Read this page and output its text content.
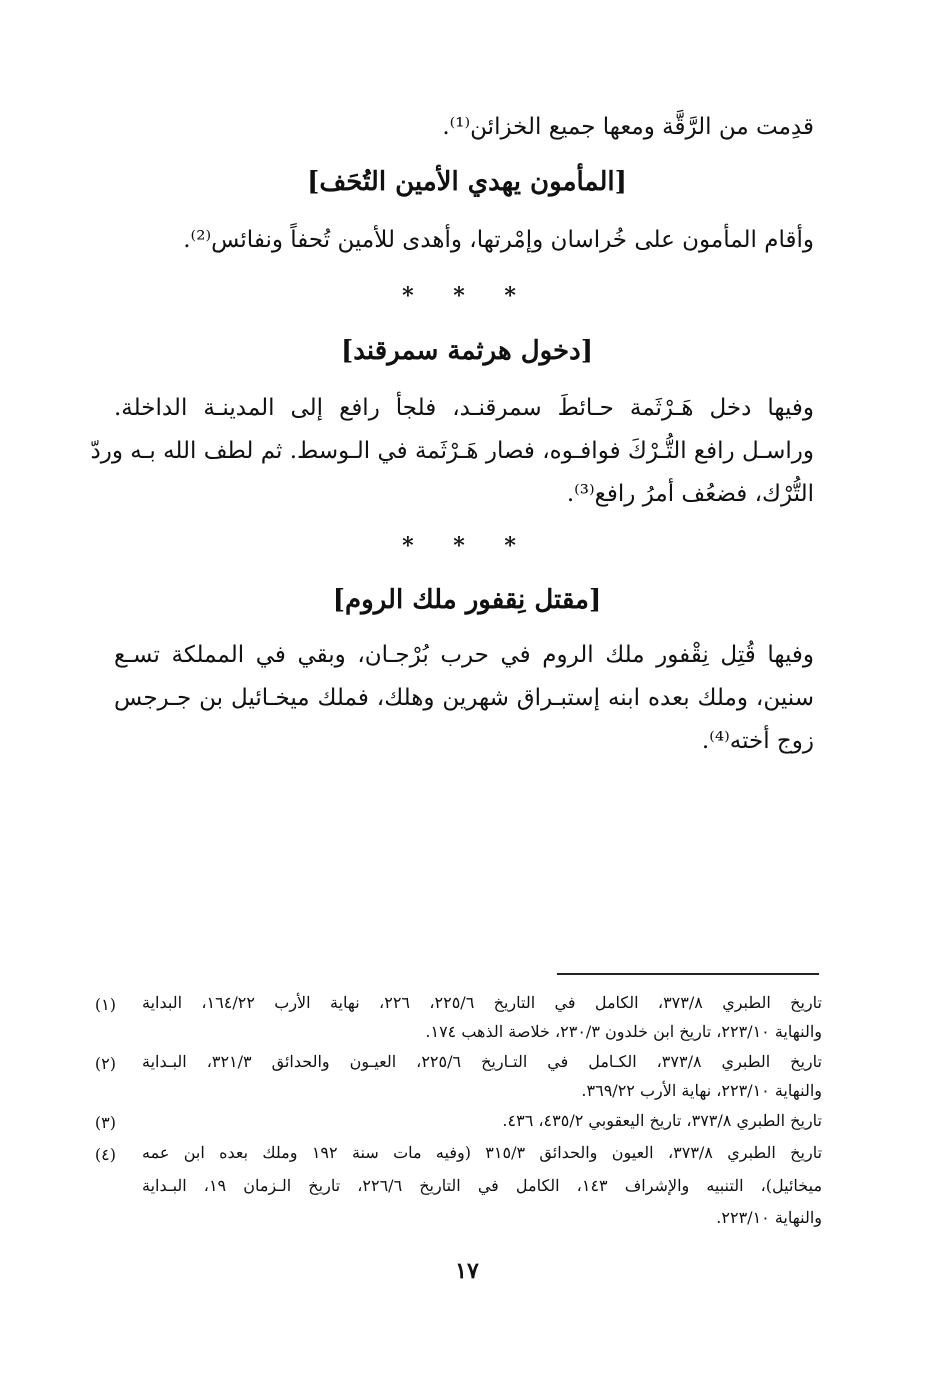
قدِمت من الرَّقَّة ومعها جميع الخزائن⁽¹⁾.
[المأمون يهدي الأمين التُحَف]
وأقام المأمون على خُراسان وإمْرتها، وأهدى للأمين تُحفاً ونفائس⁽²⁾.
* * *
[دخول هرثمة سمرقند]
وفيها دخل هَـرْثَمة حـائطَ سمرقنـد، فلجأ رافع إلى المدينـة الداخلة.
وراسـل رافع التُّـرْكَ فوافـوه، فصار هَـرْثَمة في الـوسط. ثم لطف الله بـه وردّ
التُّرْك، فضعُف أمرُ رافع⁽³⁾.
* * *
[مقتل نِقفور ملك الروم]
وفيها قُتِل نِقْفور ملك الروم في حرب بُرْجـان، وبقي في المملكة تسـع
سنين، وملك بعده ابنه إستبـراق شهرين وهلك، فملك ميخـائيل بن جـرجس
زوج أخته⁽⁴⁾.
(١) تاريخ الطبري ٣٧٣/٨، الكامل في التاريخ ٢٢٥/٦، ٢٢٦، نهاية الأرب ١٦٤/٢٢، البداية
والنهاية ٢٢٣/١٠، تاريخ ابن خلدون ٢٣٠/٣، خلاصة الذهب ١٧٤.
(٢) تاريخ الطبري ٣٧٣/٨، الكـامل في التـاريخ ٢٢٥/٦، العيـون والحدائق ٣٢١/٣، البـداية
والنهاية ٢٢٣/١٠، نهاية الأرب ٣٦٩/٢٢.
(٣)	تاريخ الطبري ٣٧٣/٨، تاريخ اليعقوبي ٤٣٥/٢، ٤٣٦.
(٤) تاريخ الطبري ٣٧٣/٨، العيون والحدائق ٣١٥/٣ (وفيه مات سنة ١٩٢ وملك بعده ابن عمه
ميخائيل)، التنبيه والإشراف ١٤٣، الكامل في التاريخ ٢٢٦/٦، تاريخ الـزمان ١٩، البـداية
والنهاية ٢٢٣/١٠.
١٧
